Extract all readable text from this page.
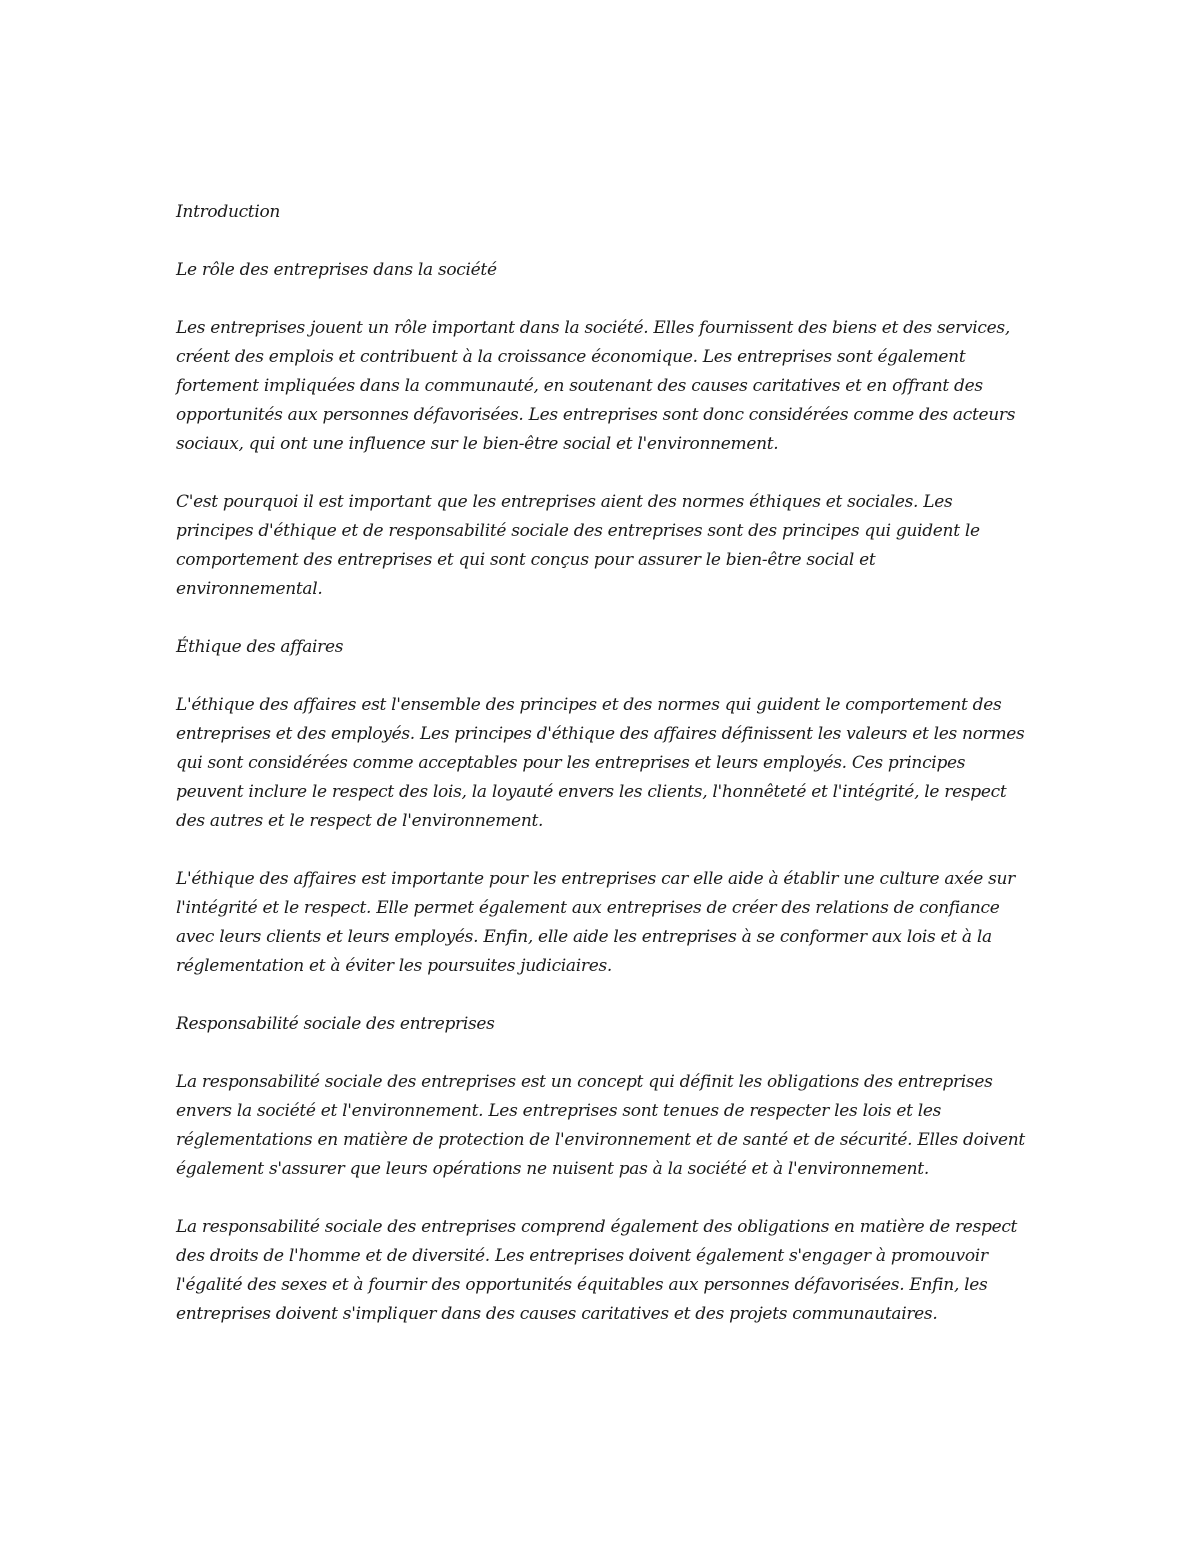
Introduction
Le rôle des entreprises dans la société

Les entreprises jouent un rôle important dans la société. Elles fournissent des biens et des services, créent des emplois et contribuent à la croissance économique. Les entreprises sont également fortement impliquées dans la communauté, en soutenant des causes caritatives et en offrant des opportunités aux personnes défavorisées. Les entreprises sont donc considérées comme des acteurs sociaux, qui ont une influence sur le bien-être social et l'environnement.

C'est pourquoi il est important que les entreprises aient des normes éthiques et sociales. Les principes d'éthique et de responsabilité sociale des entreprises sont des principes qui guident le comportement des entreprises et qui sont conçus pour assurer le bien-être social et environnemental.

Éthique des affaires

L'éthique des affaires est l'ensemble des principes et des normes qui guident le comportement des entreprises et des employés. Les principes d'éthique des affaires définissent les valeurs et les normes qui sont considérées comme acceptables pour les entreprises et leurs employés. Ces principes peuvent inclure le respect des lois, la loyauté envers les clients, l'honnêteté et l'intégrité, le respect des autres et le respect de l'environnement.

L'éthique des affaires est importante pour les entreprises car elle aide à établir une culture axée sur l'intégrité et le respect. Elle permet également aux entreprises de créer des relations de confiance avec leurs clients et leurs employés. Enfin, elle aide les entreprises à se conformer aux lois et à la réglementation et à éviter les poursuites judiciaires.

Responsabilité sociale des entreprises

La responsabilité sociale des entreprises est un concept qui définit les obligations des entreprises envers la société et l'environnement. Les entreprises sont tenues de respecter les lois et les réglementations en matière de protection de l'environnement et de santé et de sécurité. Elles doivent également s'assurer que leurs opérations ne nuisent pas à la société et à l'environnement.

La responsabilité sociale des entreprises comprend également des obligations en matière de respect des droits de l'homme et de diversité. Les entreprises doivent également s'engager à promouvoir l'égalité des sexes et à fournir des opportunités équitables aux personnes défavorisées. Enfin, les entreprises doivent s'impliquer dans des causes caritatives et des projets communautaires.
